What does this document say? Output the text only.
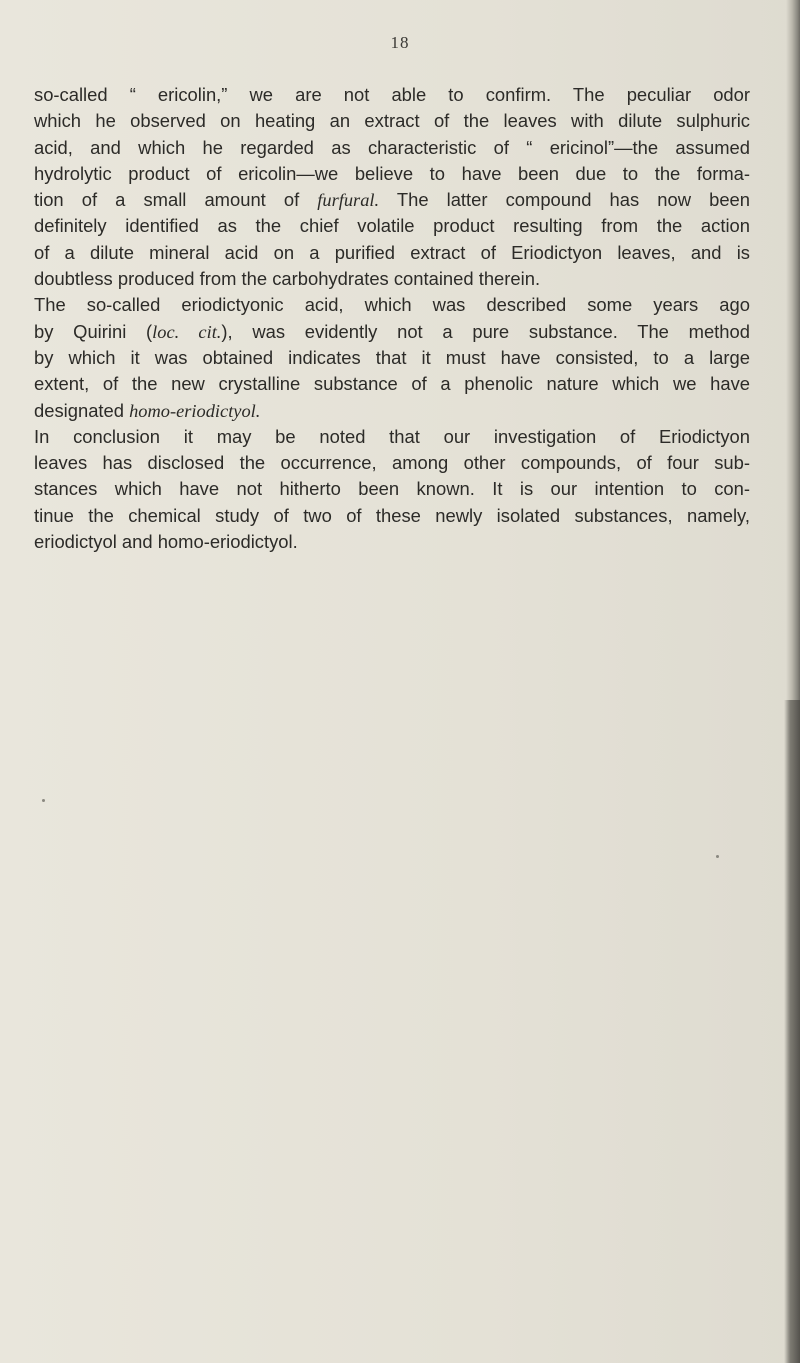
18

so-called “ ericolin,” we are not able to confirm. The peculiar odor
which he observed on heating an extract of the leaves with dilute sulphuric
acid, and which he regarded as characteristic of “ ericinol”—the assumed
hydrolytic product of ericolin—we believe to have been due to the forma-
tion of a small amount of furfural. The latter compound has now been
definitely identified as the chief volatile product resulting from the action
of a dilute mineral acid on a purified extract of Eriodictyon leaves, and is
doubtless produced from the carbohydrates contained therein.

The so-called eriodictyonic acid, which was described some years ago
by Quirini (loc. cit.), was evidently not a pure substance. The method
by which it was obtained indicates that it must have consisted, to a large
extent, of the new crystalline substance of a phenolic nature which we have
designated homo-eriodictyol.

In conclusion it may be noted that our investigation of Eriodictyon
leaves has disclosed the occurrence, among other compounds, of four sub-
stances which have not hitherto been known. It is our intention to con-
tinue the chemical study of two of these newly isolated substances, namely,
eriodictyol and homo-eriodictyol.
